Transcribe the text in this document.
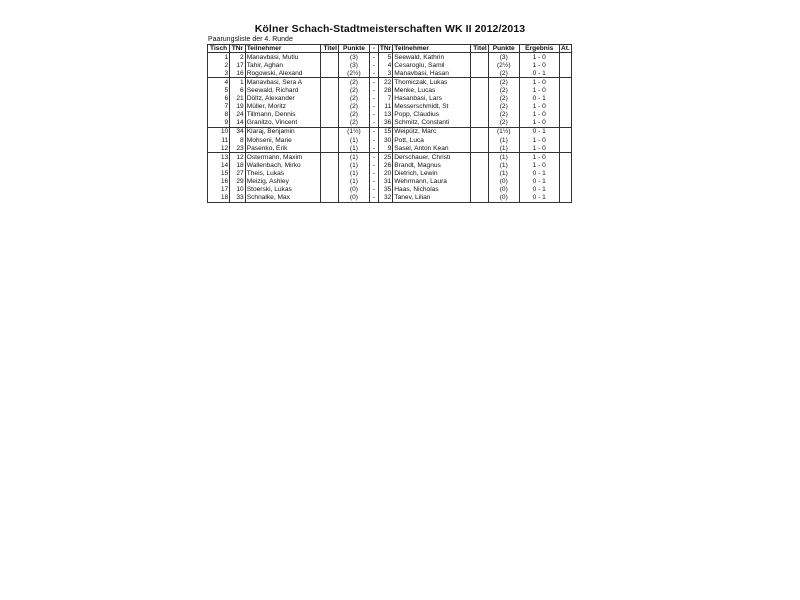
Kölner Schach-Stadtmeisterschaften WK II 2012/2013
Paarungsliste der 4. Runde
Tisch	TNr	Teilnehmer	Titel	Punkte	-	TNr	Teilnehmer	Titel	Punkte	Ergebnis	At.
1	2	Manavbasi, Mutlu		(3)	-	5	Seewald, Kathrin		(3)	1 - 0	
2	17	Tahir, Aghan		(3)	-	4	Cesaroglu, Samil		(2½)	1 - 0	
3	16	Rogowski, Alexand		(2½)	-	3	Manavbasi, Hasan		(2)	0 - 1	
4	1	Manavbasi, Sera A		(2)	-	22	Thomiczak, Lukas		(2)	1 - 0	
5	6	Seewald, Richard		(2)	-	28	Menke, Lucas		(2)	1 - 0	
6	21	Döltz, Alexander		(2)	-	7	Hasanbasi, Lars		(2)	0 - 1	
7	19	Müller, Moritz		(2)	-	11	Messerschmidt, St		(2)	1 - 0	
8	24	Tillmann, Dennis		(2)	-	13	Popp, Claudius		(2)	1 - 0	
9	14	Granitzo, Vincent		(2)	-	36	Schmitz, Constanti		(2)	1 - 0	
10	34	Klaraj, Benjamin		(1½)	-	15	Weipütz, Marc		(1½)	0 - 1	
11	8	Mohseni, Marie		(1)	-	30	Pott, Luca		(1)	1 - 0	
12	23	Pasenko, Erik		(1)	-	9	Sasel, Anton Kean		(1)	1 - 0	
13	12	Ostermann, Maxim		(1)	-	25	Derschauer, Christi		(1)	1 - 0	
14	18	Wallenbach, Mirko		(1)	-	26	Brandt, Magnus		(1)	1 - 0	
15	27	Theis, Lukas		(1)	-	20	Dietrich, Lewin		(1)	0 - 1	
16	29	Meizig, Ashley		(1)	-	31	Wehrmann, Laura		(0)	0 - 1	
17	10	Stoerski, Lukas		(0)	-	35	Haas, Nicholas		(0)	0 - 1	
18	33	Schnalke, Max		(0)	-	32	Tanev, Lilian		(0)	0 - 1	
